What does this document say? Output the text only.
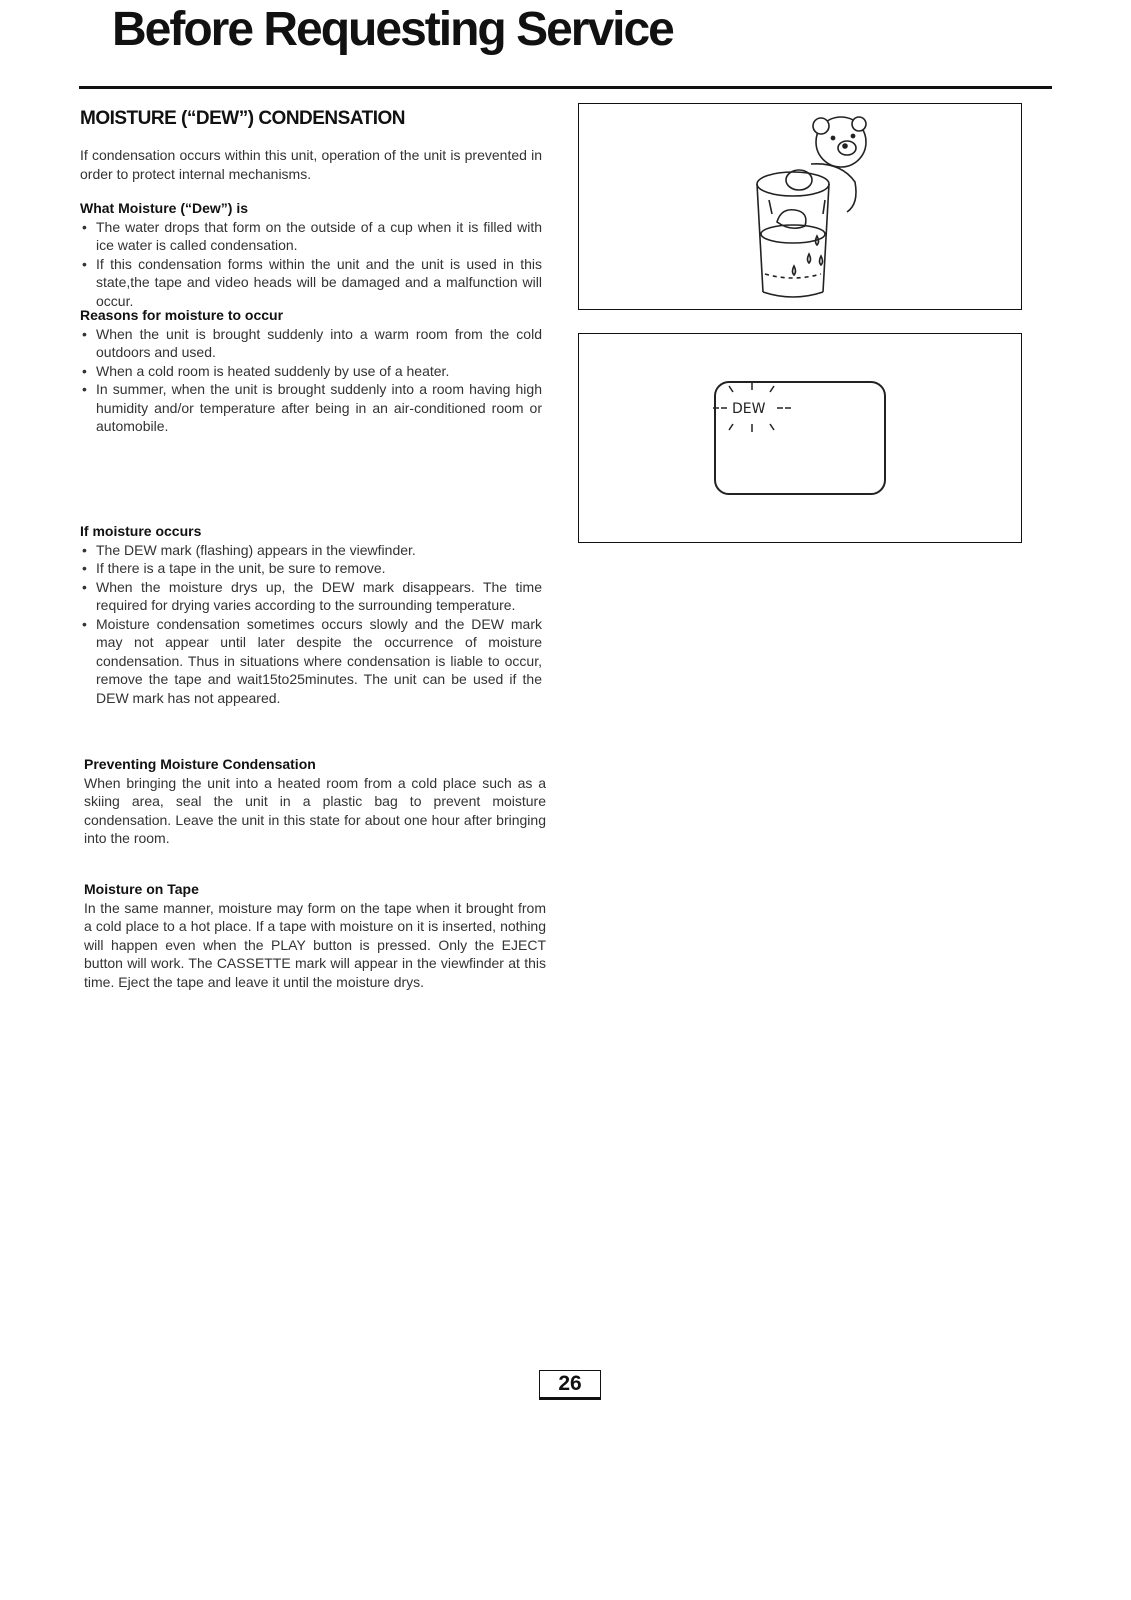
Before Requesting Service
MOISTURE (“DEW”) CONDENSATION

If condensation occurs within this unit, operation of the unit is prevented in order to protect internal mechanisms.

What Moisture (“Dew”) is
• The water drops that form on the outside of a cup when it is filled with ice water is called condensation.
• If this condensation forms within the unit and the unit is used in this state,the tape and video heads will be damaged and a malfunction will occur.
Reasons for moisture to occur
• When the unit is brought suddenly into a warm room from the cold outdoors and used.
• When a cold room is heated suddenly by use of a heater.
• In summer, when the unit is brought suddenly into a room having high humidity and/or temperature after being in an air-conditioned room or automobile.
If moisture occurs
• The DEW mark (flashing) appears in the viewfinder.
• If there is a tape in the unit, be sure to remove.
• When the moisture drys up, the DEW mark disappears. The time required for drying varies according to the surrounding temperature.
• Moisture condensation sometimes occurs slowly and the DEW mark may not appear until later despite the occurrence of moisture condensation. Thus in situations where condensation is liable to occur, remove the tape and wait15to25minutes. The unit can be used if the DEW mark has not appeared.
Preventing Moisture Condensation

When bringing the unit into a heated room from a cold place such as a skiing area, seal the unit in a plastic bag to prevent moisture condensation. Leave the unit in this state for about one hour after bringing into the room.

Moisture on Tape

In the same manner, moisture may form on the tape when it brought from a cold place to a hot place. If a tape with moisture on it is inserted, nothing will happen even when the PLAY button is pressed. Only the EJECT button will work. The CASSETTE mark will appear in the viewfinder at this time. Eject the tape and leave it until the moisture drys.

DEW
26
